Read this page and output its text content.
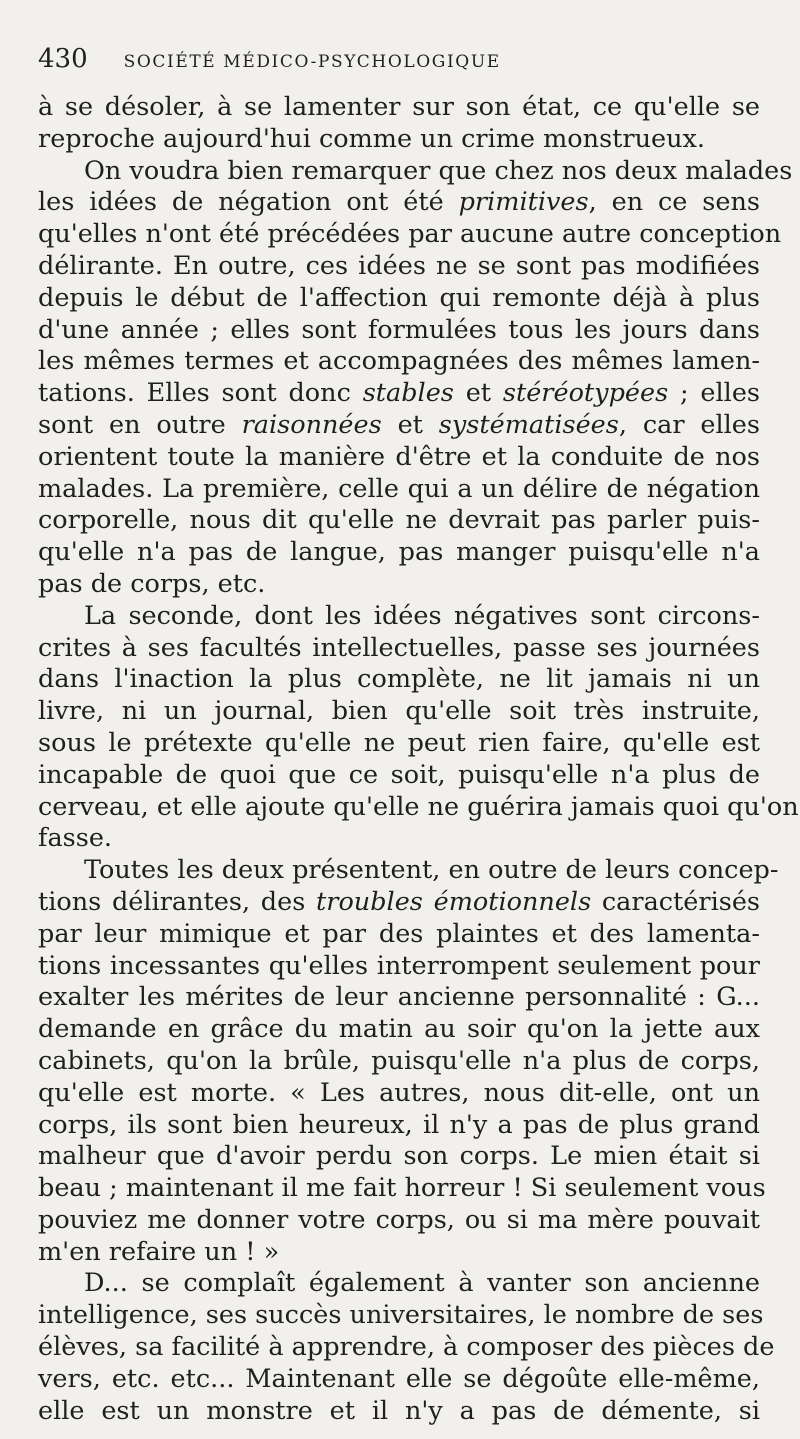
430 SOCIÉTÉ MÉDICO-PSYCHOLOGIQUE
à se désoler, à se lamenter sur son état, ce qu'elle se
reproche aujourd'hui comme un crime monstrueux.
On voudra bien remarquer que chez nos deux malades
les idées de négation ont été primitives, en ce sens
qu'elles n'ont été précédées par aucune autre conception
délirante. En outre, ces idées ne se sont pas modifiées
depuis le début de l'affection qui remonte déjà à plus
d'une année ; elles sont formulées tous les jours dans
les mêmes termes et accompagnées des mêmes lamen-
tations. Elles sont donc stables et stéréotypées ; elles
sont en outre raisonnées et systématisées, car elles
orientent toute la manière d'être et la conduite de nos
malades. La première, celle qui a un délire de négation
corporelle, nous dit qu'elle ne devrait pas parler puis-
qu'elle n'a pas de langue, pas manger puisqu'elle n'a
pas de corps, etc.
La seconde, dont les idées négatives sont circons-
crites à ses facultés intellectuelles, passe ses journées
dans l'inaction la plus complète, ne lit jamais ni un
livre, ni un journal, bien qu'elle soit très instruite,
sous le prétexte qu'elle ne peut rien faire, qu'elle est
incapable de quoi que ce soit, puisqu'elle n'a plus de
cerveau, et elle ajoute qu'elle ne guérira jamais quoi qu'on
fasse.
Toutes les deux présentent, en outre de leurs concep-
tions délirantes, des troubles émotionnels caractérisés
par leur mimique et par des plaintes et des lamenta-
tions incessantes qu'elles interrompent seulement pour
exalter les mérites de leur ancienne personnalité : G...
demande en grâce du matin au soir qu'on la jette aux
cabinets, qu'on la brûle, puisqu'elle n'a plus de corps,
qu'elle est morte. « Les autres, nous dit-elle, ont un
corps, ils sont bien heureux, il n'y a pas de plus grand
malheur que d'avoir perdu son corps. Le mien était si
beau ; maintenant il me fait horreur ! Si seulement vous
pouviez me donner votre corps, ou si ma mère pouvait
m'en refaire un ! »
D... se complaît également à vanter son ancienne
intelligence, ses succès universitaires, le nombre de ses
élèves, sa facilité à apprendre, à composer des pièces de
vers, etc. etc... Maintenant elle se dégoûte elle-même,
elle est un monstre et il n'y a pas de démente, si
